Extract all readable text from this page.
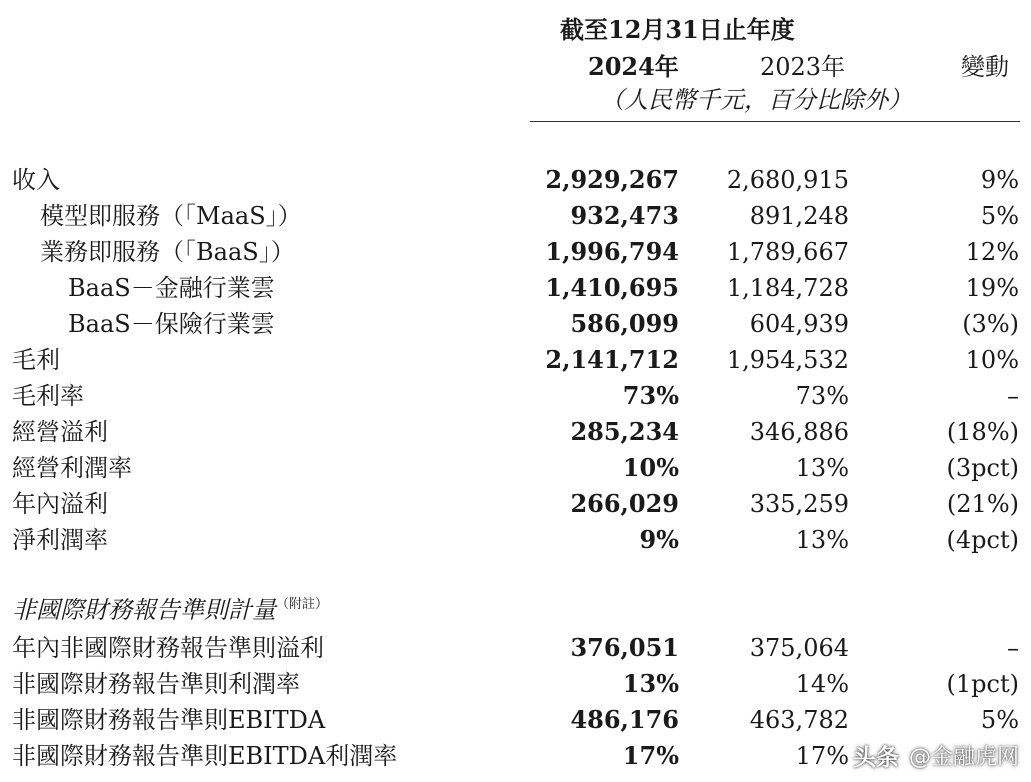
截至12月31日止年度
2024年	2023年	變動
（人民幣千元，百分比除外）
收入	2,929,267 2,680,915	9%
模型即服務（「MaaS」）	932,473	891,248	5%
業務即服務（「BaaS」）	1,996,794 1,789,667	12%
BaaS－金融行業雲	1,410,695 1,184,728	19%
BaaS－保險行業雲	586,099	604,939	(3%)
毛利	2,141,712 1,954,532	10%
毛利率	73%	73%	–
經營溢利	285,234	346,886	(18%)
經營利潤率	10%	13%	(3pct)
年內溢利	266,029	335,259	(21%)
淨利潤率	9%	13%	(4pct)
非國際財務報告準則計量$^{(附註)}$
年內非國際財務報告準則溢利	376,051	375,064	–
非國際財務報告準則利潤率	13%	14%	(1pct)
非國際財務報告準則EBITDA	486,176	463,782	5%
非國際財務報告準則EBITDA利潤率	17%	17% 头条 @金融虎网
